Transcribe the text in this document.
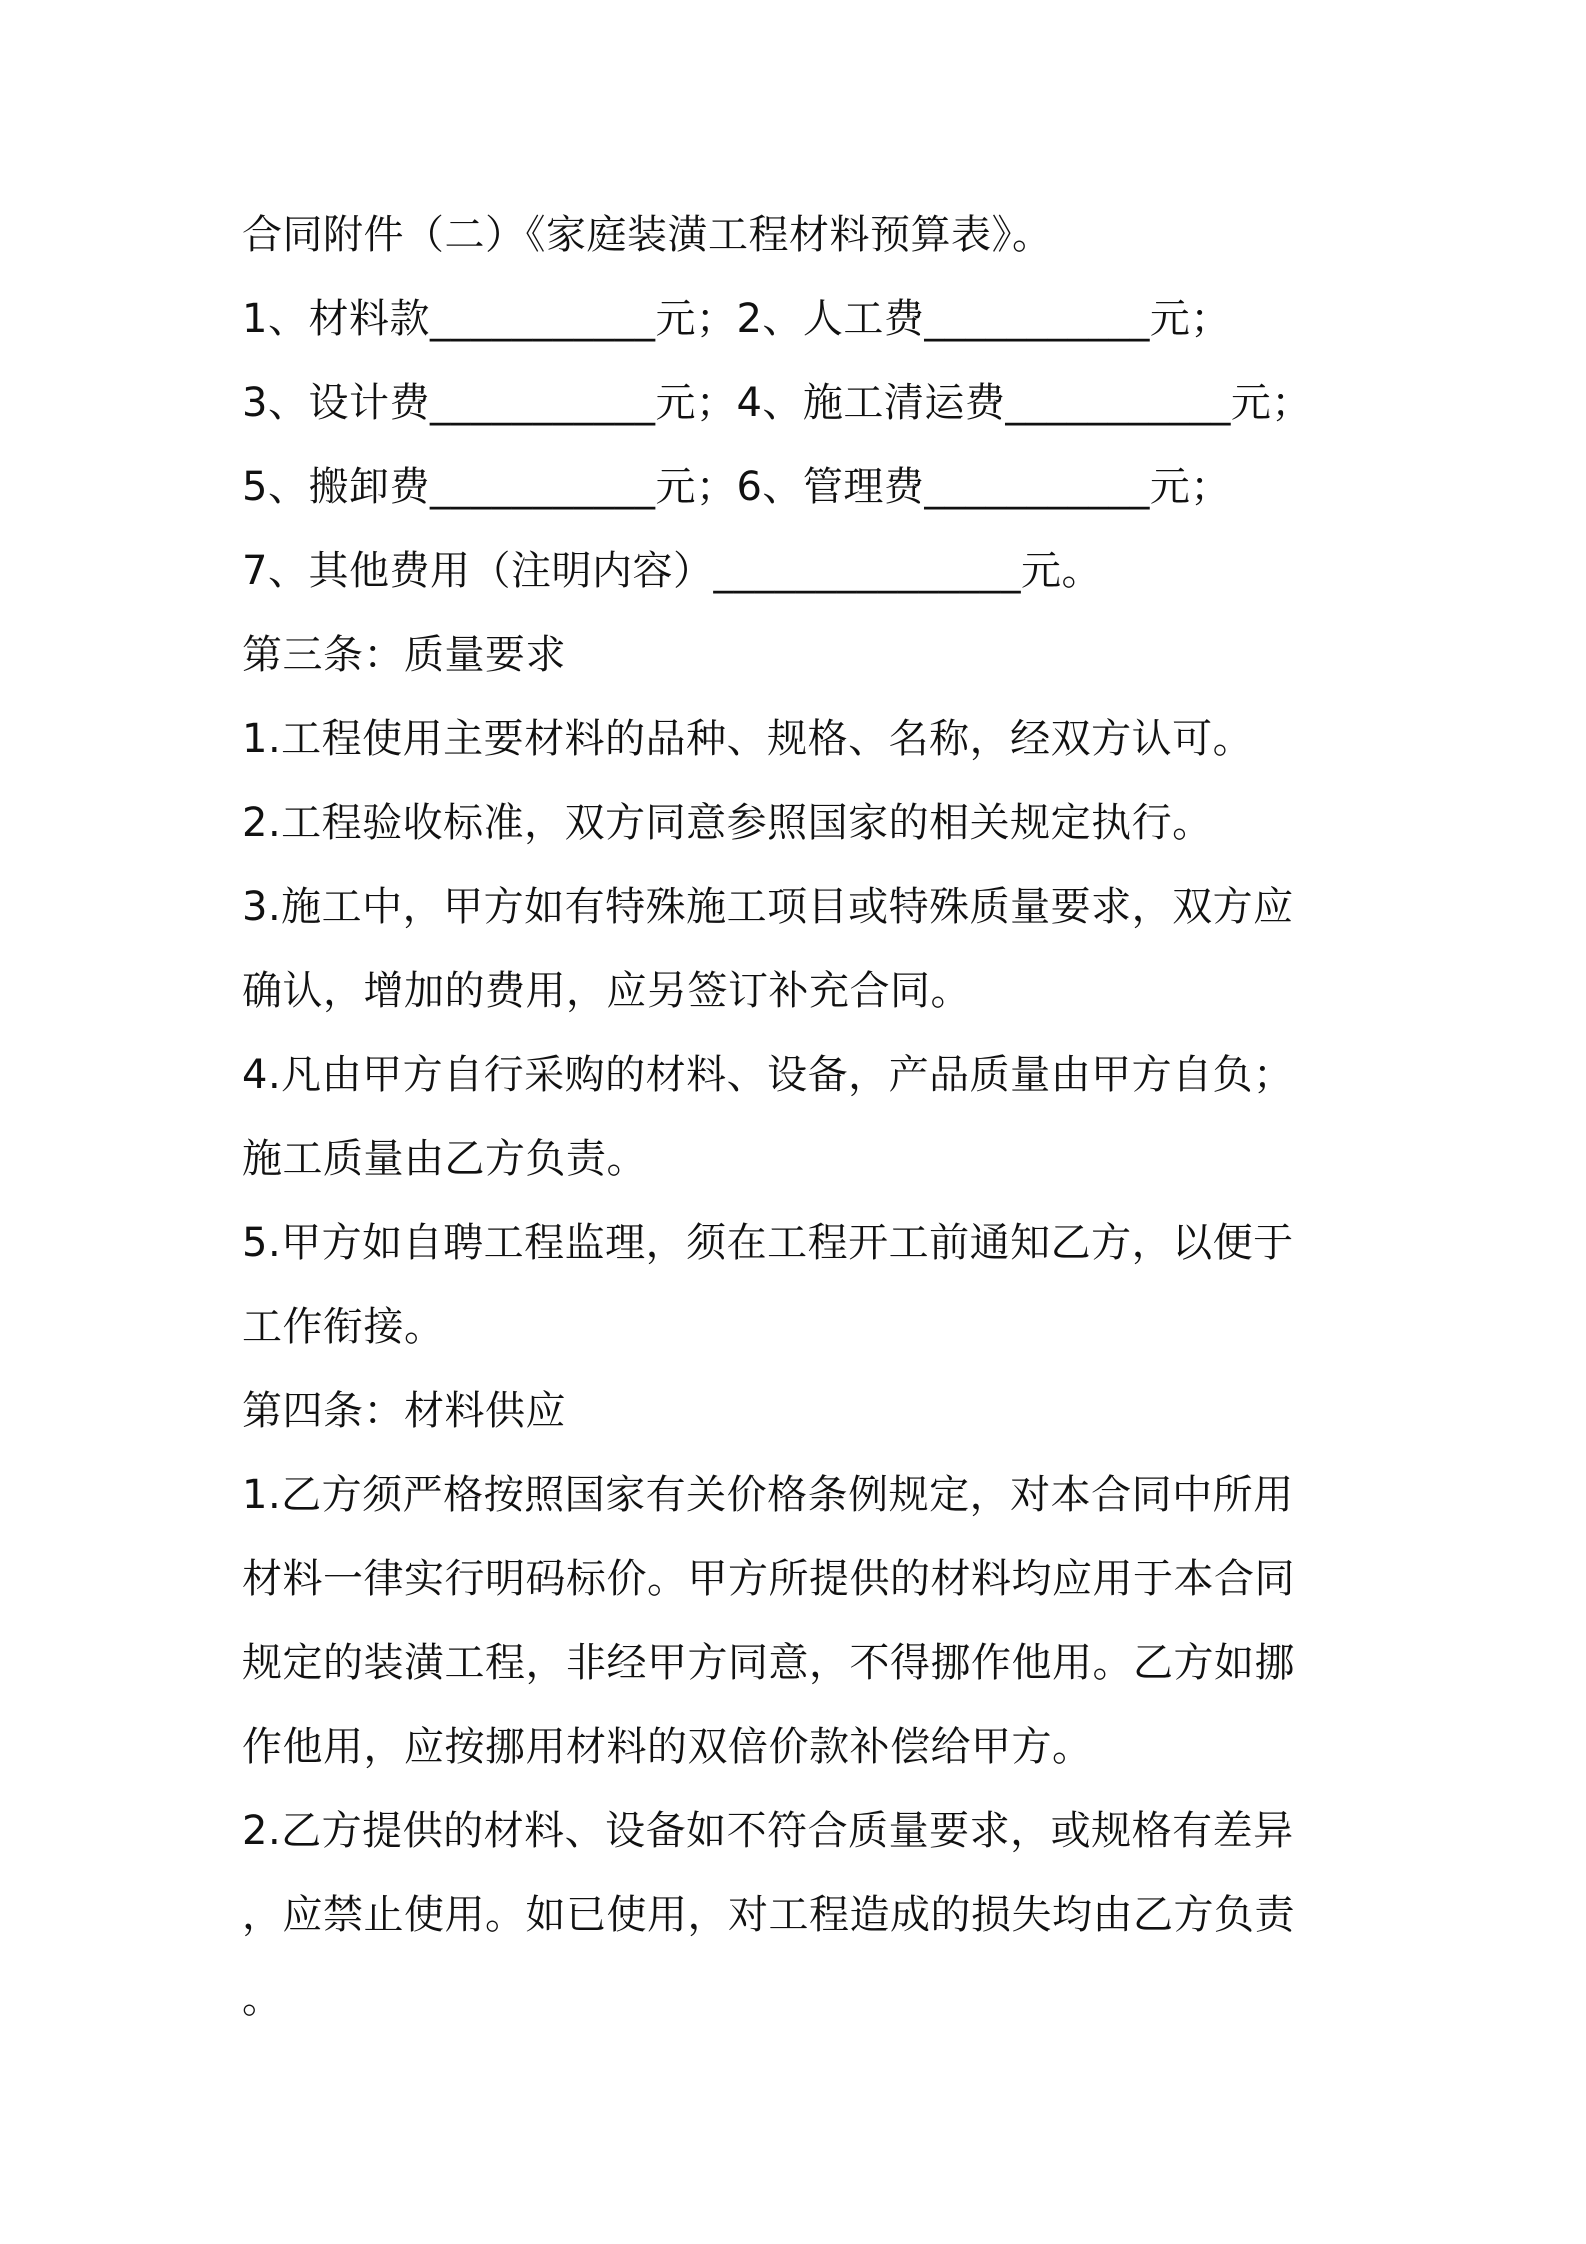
合同附件（二）《家庭装潢工程材料预算表》。
1、材料款___________元；2、人工费___________元；
3、设计费___________元；4、施工清运费___________元；
5、搬卸费___________元；6、管理费___________元；
7、其他费用（注明内容）_______________元。
第三条：质量要求
1.工程使用主要材料的品种、规格、名称，经双方认可。
2.工程验收标准，双方同意参照国家的相关规定执行。
3.施工中，甲方如有特殊施工项目或特殊质量要求，双方应
确认，增加的费用，应另签订补充合同。
4.凡由甲方自行采购的材料、设备，产品质量由甲方自负；
施工质量由乙方负责。
5.甲方如自聘工程监理，须在工程开工前通知乙方，以便于
工作衔接。
第四条：材料供应
1.乙方须严格按照国家有关价格条例规定，对本合同中所用
材料一律实行明码标价。甲方所提供的材料均应用于本合同
规定的装潢工程，非经甲方同意，不得挪作他用。乙方如挪
作他用，应按挪用材料的双倍价款补偿给甲方。
2.乙方提供的材料、设备如不符合质量要求，或规格有差异
，应禁止使用。如已使用，对工程造成的损失均由乙方负责
。
